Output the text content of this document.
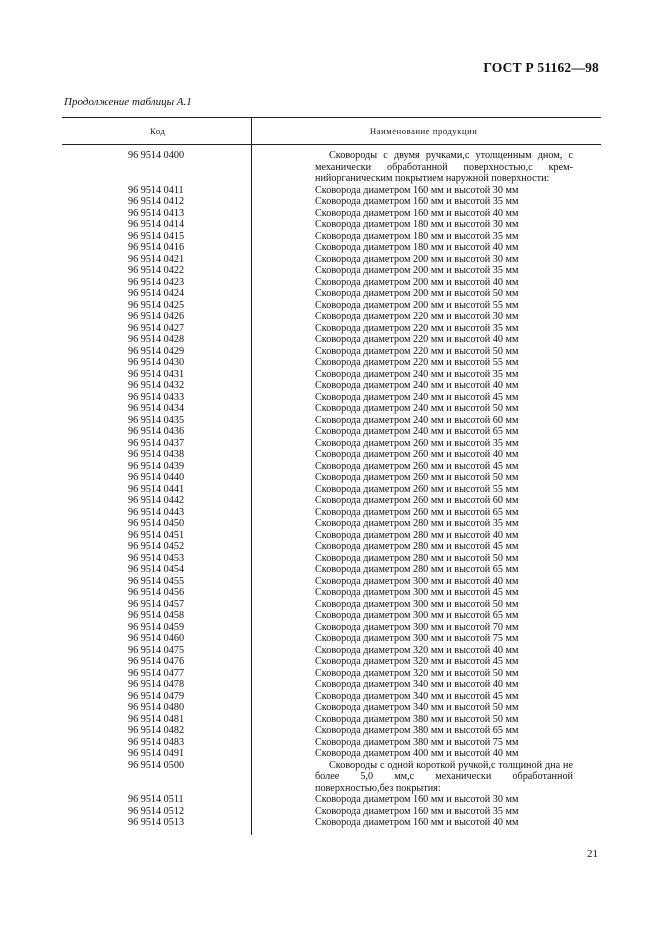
ГОСТ Р 51162—98
Продолжение таблицы А.1
Код	Наименование продукции
96 9514 0400	Сковороды с двумя ручками,с утолщенным дном, с механически обработанной поверхностью,с крем-нийорганическим покрытием наружной поверхности:
96 9514 0411	Сковорода диаметром 160 мм и высотой 30 мм
96 9514 0412	Сковорода диаметром 160 мм и высотой 35 мм
96 9514 0413	Сковорода диаметром 160 мм и высотой 40 мм
96 9514 0414	Сковорода диаметром 180 мм и высотой 30 мм
96 9514 0415	Сковорода диаметром 180 мм и высотой 35 мм
96 9514 0416	Сковорода диаметром 180 мм и высотой 40 мм
96 9514 0421	Сковорода диаметром 200 мм и высотой 30 мм
96 9514 0422	Сковорода диаметром 200 мм и высотой 35 мм
96 9514 0423	Сковорода диаметром 200 мм и высотой 40 мм
96 9514 0424	Сковорода диаметром 200 мм и высотой 50 мм
96 9514 0425	Сковорода диаметром 200 мм и высотой 55 мм
96 9514 0426	Сковорода диаметром 220 мм и высотой 30 мм
96 9514 0427	Сковорода диаметром 220 мм и высотой 35 мм
96 9514 0428	Сковорода диаметром 220 мм и высотой 40 мм
96 9514 0429	Сковорода диаметром 220 мм и высотой 50 мм
96 9514 0430	Сковорода диаметром 220 мм и высотой 55 мм
96 9514 0431	Сковорода диаметром 240 мм и высотой 35 мм
96 9514 0432	Сковорода диаметром 240 мм и высотой 40 мм
96 9514 0433	Сковорода диаметром 240 мм и высотой 45 мм
96 9514 0434	Сковорода диаметром 240 мм и высотой 50 мм
96 9514 0435	Сковорода диаметром 240 мм и высотой 60 мм
96 9514 0436	Сковорода диаметром 240 мм и высотой 65 мм
96 9514 0437	Сковорода диаметром 260 мм и высотой 35 мм
96 9514 0438	Сковорода диаметром 260 мм и высотой 40 мм
96 9514 0439	Сковорода диаметром 260 мм и высотой 45 мм
96 9514 0440	Сковорода диаметром 260 мм и высотой 50 мм
96 9514 0441	Сковорода диаметром 260 мм и высотой 55 мм
96 9514 0442	Сковорода диаметром 260 мм и высотой 60 мм
96 9514 0443	Сковорода диаметром 260 мм и высотой 65 мм
96 9514 0450	Сковорода диаметром 280 мм и высотой 35 мм
96 9514 0451	Сковорода диаметром 280 мм и высотой 40 мм
96 9514 0452	Сковорода диаметром 280 мм и высотой 45 мм
96 9514 0453	Сковорода диаметром 280 мм и высотой 50 мм
96 9514 0454	Сковорода диаметром 280 мм и высотой 65 мм
96 9514 0455	Сковорода диаметром 300 мм и высотой 40 мм
96 9514 0456	Сковорода диаметром 300 мм и высотой 45 мм
96 9514 0457	Сковорода диаметром 300 мм и высотой 50 мм
96 9514 0458	Сковорода диаметром 300 мм и высотой 65 мм
96 9514 0459	Сковорода диаметром 300 мм и высотой 70 мм
96 9514 0460	Сковорода диаметром 300 мм и высотой 75 мм
96 9514 0475	Сковорода диаметром 320 мм и высотой 40 мм
96 9514 0476	Сковорода диаметром 320 мм и высотой 45 мм
96 9514 0477	Сковорода диаметром 320 мм и высотой 50 мм
96 9514 0478	Сковорода диаметром 340 мм и высотой 40 мм
96 9514 0479	Сковорода диаметром 340 мм и высотой 45 мм
96 9514 0480	Сковорода диаметром 340 мм и высотой 50 мм
96 9514 0481	Сковорода диаметром 380 мм и высотой 50 мм
96 9514 0482	Сковорода диаметром 380 мм и высотой 65 мм
96 9514 0483	Сковорода диаметром 380 мм и высотой 75 мм
96 9514 0491	Сковорода диаметром 400 мм и высотой 40 мм
96 9514 0500	Сковороды с одной короткой ручкой,с толщиной дна не более 5,0 мм,с механически обработанной поверхностью,без покрытия:
96 9514 0511	Сковорода диаметром 160 мм и высотой 30 мм
96 9514 0512	Сковорода диаметром 160 мм и высотой 35 мм
96 9514 0513	Сковорода диаметром 160 мм и высотой 40 мм
21
